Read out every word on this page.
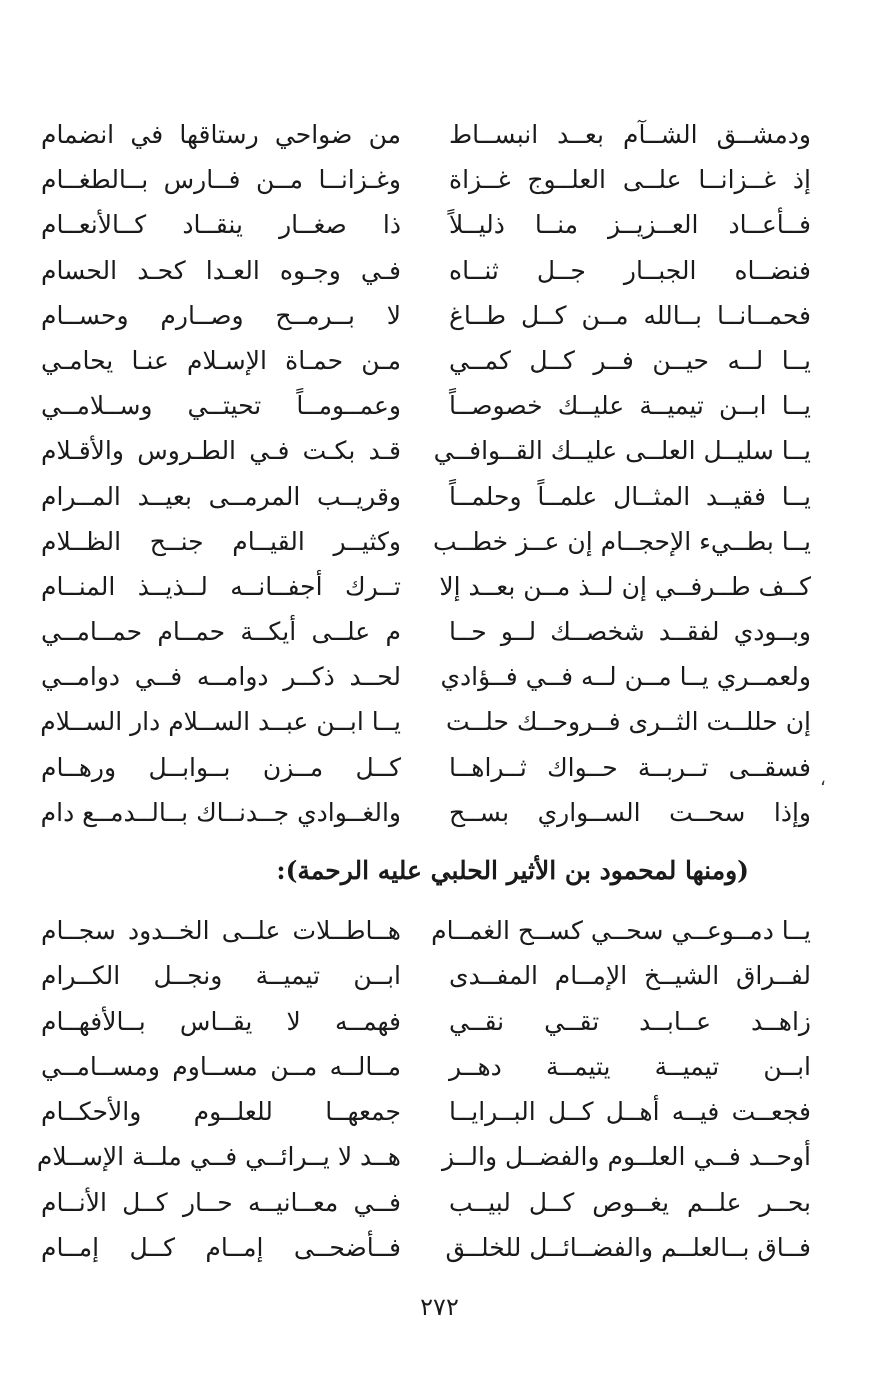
ودمشــق الشــآم بعــد انبســاط
من ضواحي رستاقها في انضمام
إذ غــزانــا علــى العلــوج غــزاة
وغـزانــا مــن فــارس بــالطغــام
فــأعــاد العــزيــز منــا ذليــلاً
ذا صغــار ينقــاد كــالأنعــام
فنضــاه الجبــار جــل ثنــاه
فـي وجـوه العـدا كحـد الحسام
فحمــانــا بــالله مــن كــل طــاغ
لا بــرمــح وصــارم وحســام
يــا لــه حيــن فــر كــل كمــي
مـن حمـاة الإسـلام عنـا يحامـي
يــا ابــن تيميــة عليــك خصوصــاً
وعمــومــاً تحيتــي وســلامــي
يــا سليــل العلــى عليــك القــوافــي
قـد بكـت فـي الطـروس والأقـلام
يــا فقيــد المثــال علمــاً وحلمــاً
وقريــب المرمــى بعيــد المــرام
يــا بطــيء الإحجــام إن عــز خطــب
وكثيــر القيــام جنــح الظــلام
كــف طــرفــي إن لــذ مــن بعــد إلا
تــرك أجفــانــه لــذيــذ المنــام
وبــودي لفقــد شخصــك لــو حــا
م علــى أيكــة حمــام حمــامــي
ولعمــري يــا مــن لــه فــي فــؤادي
لحــد ذكــر دوامــه فــي دوامــي
إن حللــت الثــرى فــروحــك حلــت
يــا ابــن عبــد الســلام دار الســلام
فسقــى تــربــة حــواك ثــراهــا
كــل مــزن بــوابــل ورهــام
وإذا سحــت الســواري بســح
والغــوادي جــدنــاك بــالــدمــع دام
(ومنها لمحمود بن الأثير الحلبي عليه الرحمة):
يــا دمــوعــي سحــي كســح الغمــام
هــاطــلات علــى الخــدود سجــام
لفــراق الشيــخ الإمــام المفــدى
ابــن تيميــة ونجــل الكــرام
زاهــد عــابــد تقــي نقــي
فهمــه لا يقــاس بــالأفهــام
ابــن تيميــة يتيمــة دهــر
مــالــه مــن مســاوم ومســامــي
فجعــت فيــه أهــل كــل البــرايــا
جمعهــا للعلــوم والأحكــام
أوحــد فــي العلــوم والفضــل والــز
هــد لا يــرائــي فــي ملــة الإســلام
بحــر علــم يغــوص كــل لبيــب
فــي معــانيــه حــار كــل الأنــام
فــاق بــالعلــم والفضــائــل للخلــق
فــأضحــى إمــام كــل إمــام
،
٢٧٢
